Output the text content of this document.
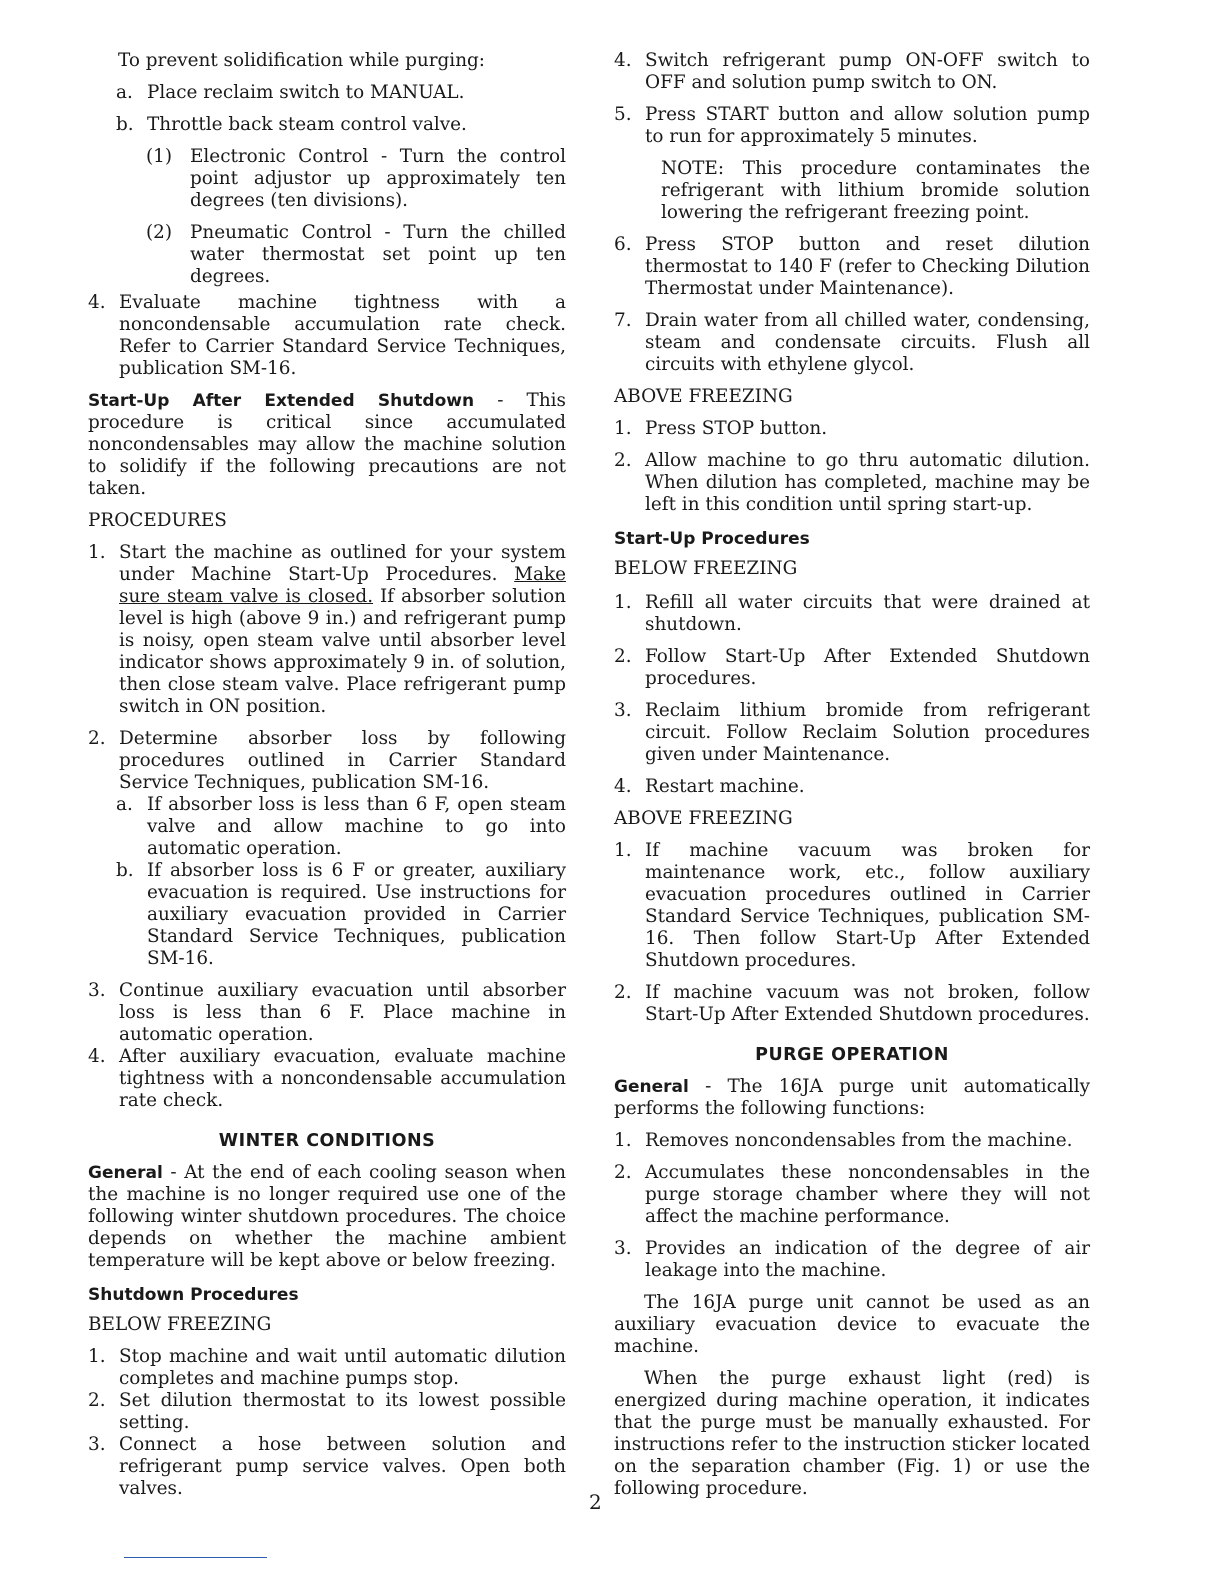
To prevent solidification while purging:

a. Place reclaim switch to MANUAL.

b. Throttle back steam control valve.

(1) Electronic Control - Turn the control point adjustor up approximately ten degrees (ten divisions).

(2) Pneumatic Control - Turn the chilled water thermostat set point up ten degrees.

4. Evaluate machine tightness with a noncondensable accumulation rate check. Refer to Carrier Standard Service Techniques, publication SM-16.

Start-Up After Extended Shutdown - This procedure is critical since accumulated noncondensables may allow the machine solution to solidify if the following precautions are not taken.

PROCEDURES

1. Start the machine as outlined for your system under Machine Start-Up Procedures. Make sure steam valve is closed. If absorber solution level is high (above 9 in.) and refrigerant pump is noisy, open steam valve until absorber level indicator shows approximately 9 in. of solution, then close steam valve. Place refrigerant pump switch in ON position.

2. Determine absorber loss by following procedures outlined in Carrier Standard Service Techniques, publication SM-16.

a. If absorber loss is less than 6 F, open steam valve and allow machine to go into automatic operation.

b. If absorber loss is 6 F or greater, auxiliary evacuation is required. Use instructions for auxiliary evacuation provided in Carrier Standard Service Techniques, publication SM-16.

3. Continue auxiliary evacuation until absorber loss is less than 6 F. Place machine in automatic operation.

4. After auxiliary evacuation, evaluate machine tightness with a noncondensable accumulation rate check.

WINTER CONDITIONS

General - At the end of each cooling season when the machine is no longer required use one of the following winter shutdown procedures. The choice depends on whether the machine ambient temperature will be kept above or below freezing.

Shutdown Procedures

BELOW FREEZING

1. Stop machine and wait until automatic dilution completes and machine pumps stop.

2. Set dilution thermostat to its lowest possible setting.

3. Connect a hose between solution and refrigerant pump service valves. Open both valves.

4. Switch refrigerant pump ON-OFF switch to OFF and solution pump switch to ON.

5. Press START button and allow solution pump to run for approximately 5 minutes.

NOTE: This procedure contaminates the refrigerant with lithium bromide solution lowering the refrigerant freezing point.

6. Press STOP button and reset dilution thermostat to 140 F (refer to Checking Dilution Thermostat under Maintenance).

7. Drain water from all chilled water, condensing, steam and condensate circuits. Flush all circuits with ethylene glycol.

ABOVE FREEZING

1. Press STOP button.

2. Allow machine to go thru automatic dilution. When dilution has completed, machine may be left in this condition until spring start-up.

Start-Up Procedures

BELOW FREEZING

1. Refill all water circuits that were drained at shutdown.

2. Follow Start-Up After Extended Shutdown procedures.

3. Reclaim lithium bromide from refrigerant circuit. Follow Reclaim Solution procedures given under Maintenance.

4. Restart machine.

ABOVE FREEZING

1. If machine vacuum was broken for maintenance work, etc., follow auxiliary evacuation procedures outlined in Carrier Standard Service Techniques, publication SM-16. Then follow Start-Up After Extended Shutdown procedures.

2. If machine vacuum was not broken, follow Start-Up After Extended Shutdown procedures.

PURGE OPERATION

General - The 16JA purge unit automatically performs the following functions:

1. Removes noncondensables from the machine.

2. Accumulates these noncondensables in the purge storage chamber where they will not affect the machine performance.

3. Provides an indication of the degree of air leakage into the machine.

The 16JA purge unit cannot be used as an auxiliary evacuation device to evacuate the machine.

When the purge exhaust light (red) is energized during machine operation, it indicates that the purge must be manually exhausted. For instructions refer to the instruction sticker located on the separation chamber (Fig. 1) or use the following procedure.

2
